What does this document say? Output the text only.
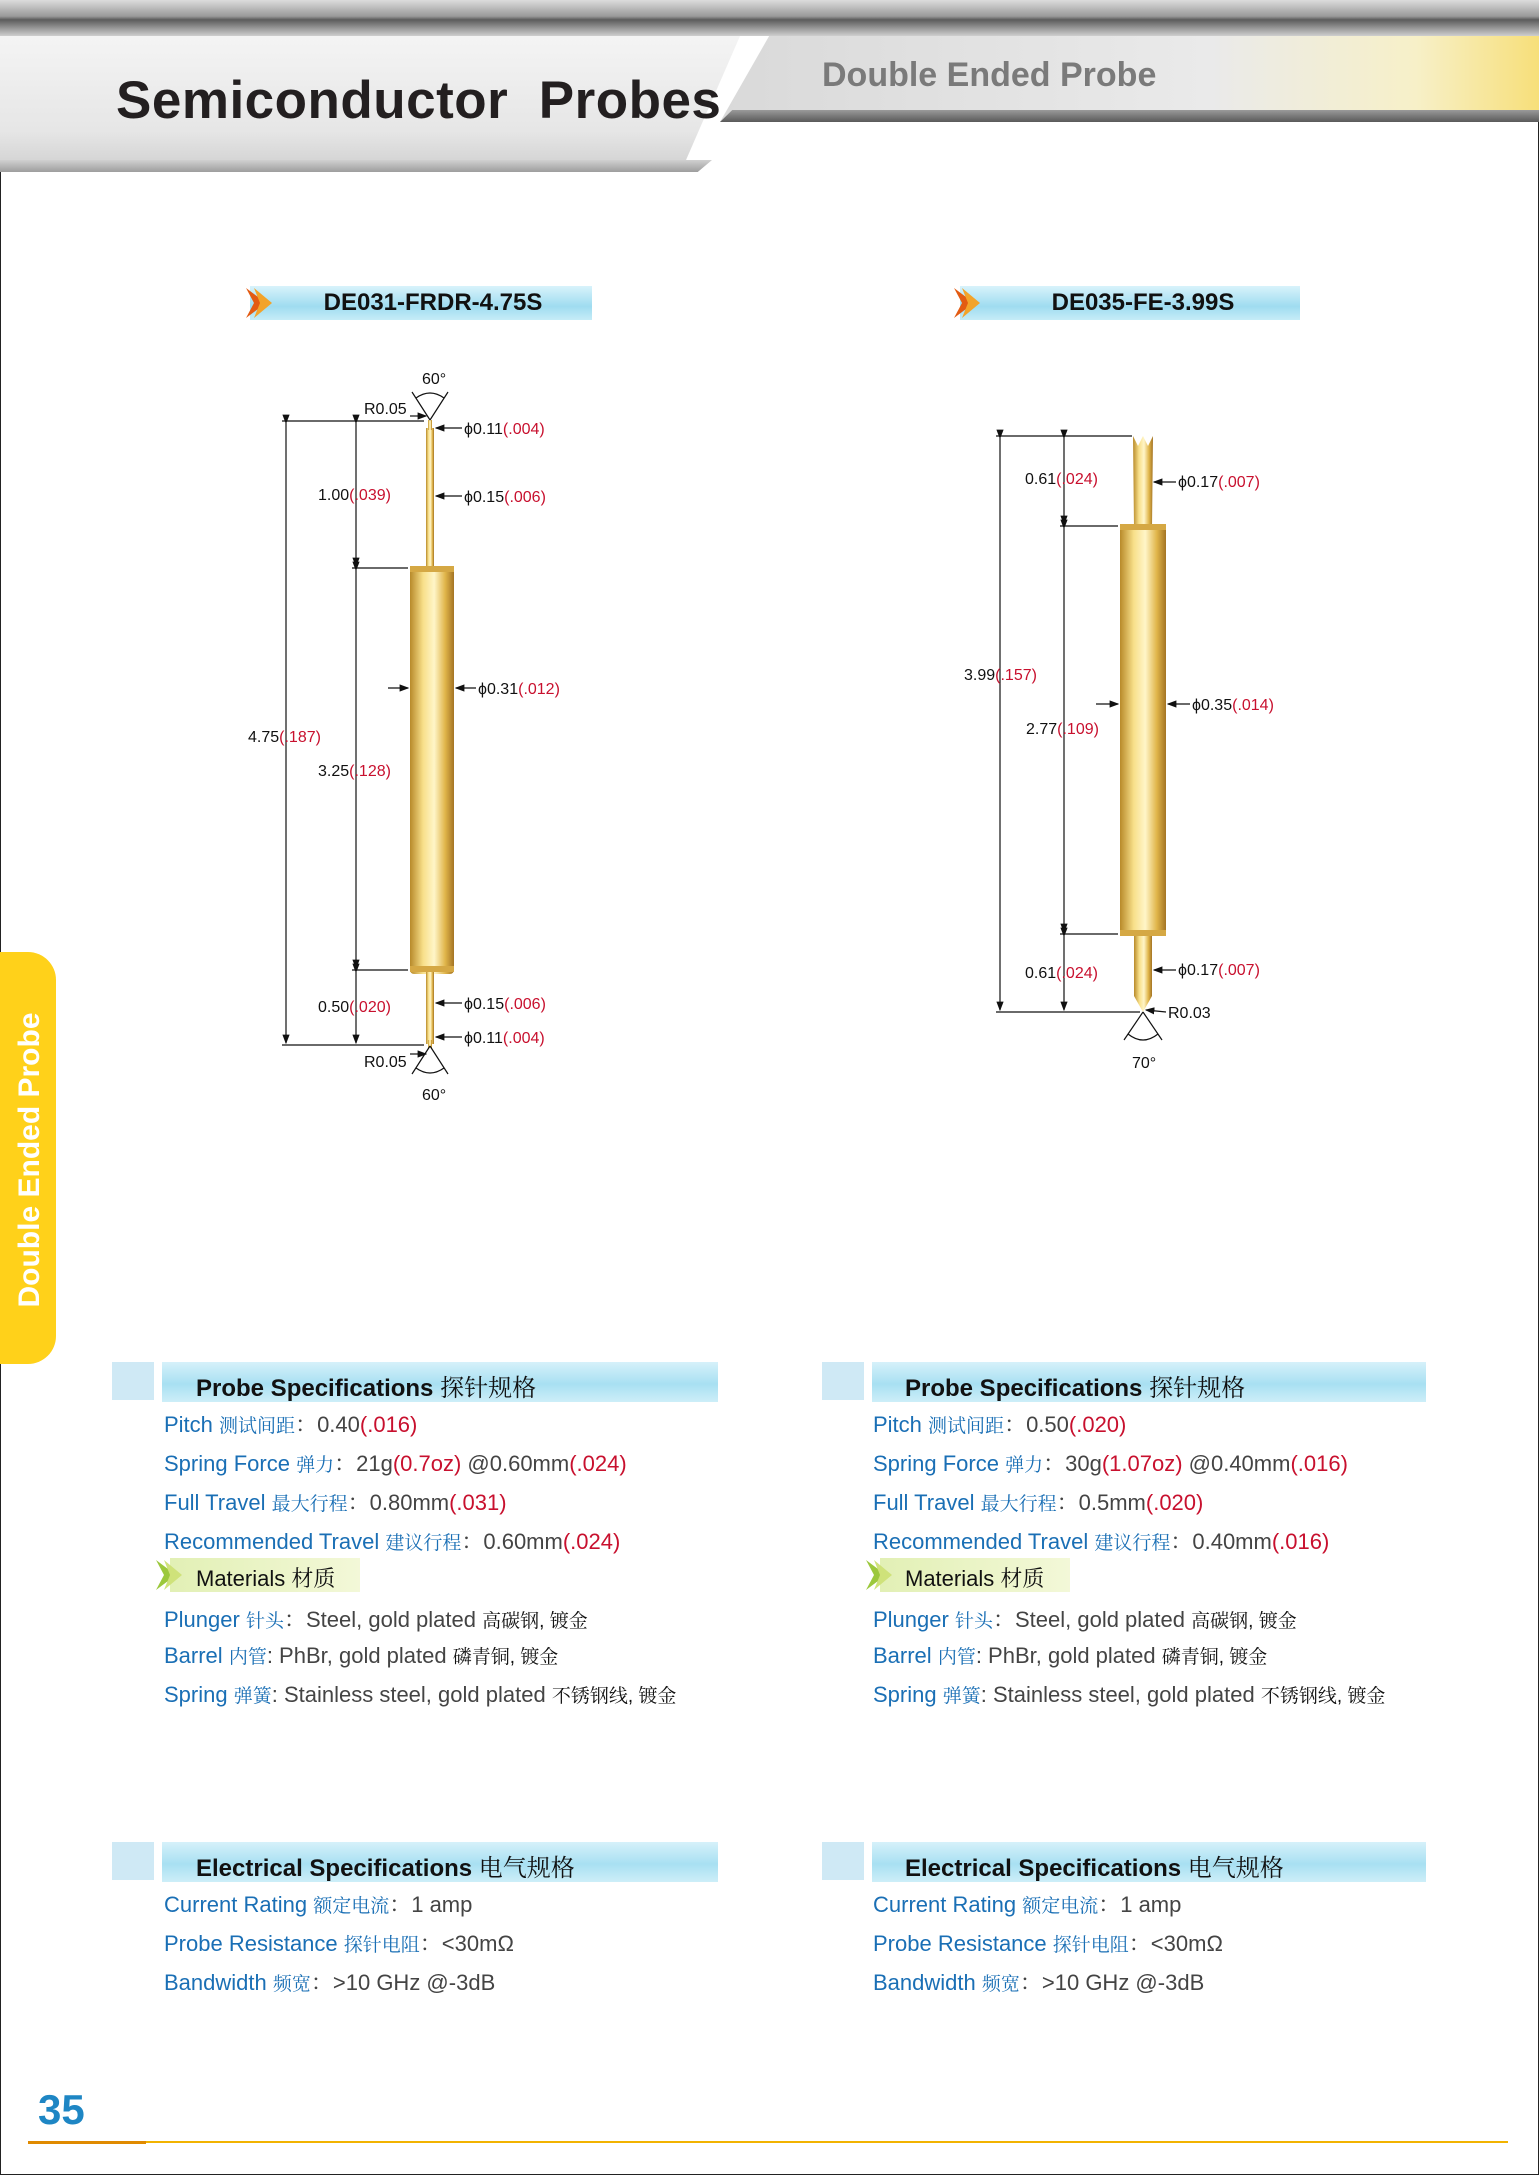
Semiconductor  Probes	Double Ended Probe
Double Ended Probe
DE031-FRDR-4.75S	DE035-FE-3.99S
60°
R0.05
60°
R0.05
4.75(.187)
1.00(.039)
3.25(.128)
0.50(.020)
ϕ0.11(.004)
ϕ0.15(.006)
ϕ0.31(.012)
ϕ0.15(.006)
ϕ0.11(.004)
70°
R0.03
0.61(.024)
3.99(.157)
2.77(.109)
0.61(.024)
ϕ0.17(.007)
ϕ0.35(.014)
ϕ0.17(.007)
Probe Specifications 探针规格
Pitch 测试间距：0.40(.016)
Spring Force 弹力：21g(0.7oz) @0.60mm(.024)
Full Travel 最大行程：0.80mm(.031)
Recommended Travel 建议行程：0.60mm(.024)
Materials 材质
Plunger 针头：Steel, gold plated 高碳钢, 镀金
Barrel 内管: PhBr, gold plated 磷青铜, 镀金
Spring 弹簧: Stainless steel, gold plated 不锈钢线, 镀金
Electrical Specifications 电气规格
Current Rating 额定电流：1 amp
Probe Resistance 探针电阻：<30mΩ
Bandwidth 频宽：>10 GHz @-3dB
Probe Specifications 探针规格
Pitch 测试间距：0.50(.020)
Spring Force 弹力：30g(1.07oz) @0.40mm(.016)
Full Travel 最大行程：0.5mm(.020)
Recommended Travel 建议行程：0.40mm(.016)
Materials 材质
Plunger 针头：Steel, gold plated 高碳钢, 镀金
Barrel 内管: PhBr, gold plated 磷青铜, 镀金
Spring 弹簧: Stainless steel, gold plated 不锈钢线, 镀金
Electrical Specifications 电气规格
Current Rating 额定电流：1 amp
Probe Resistance 探针电阻：<30mΩ
Bandwidth 频宽：>10 GHz @-3dB
35
